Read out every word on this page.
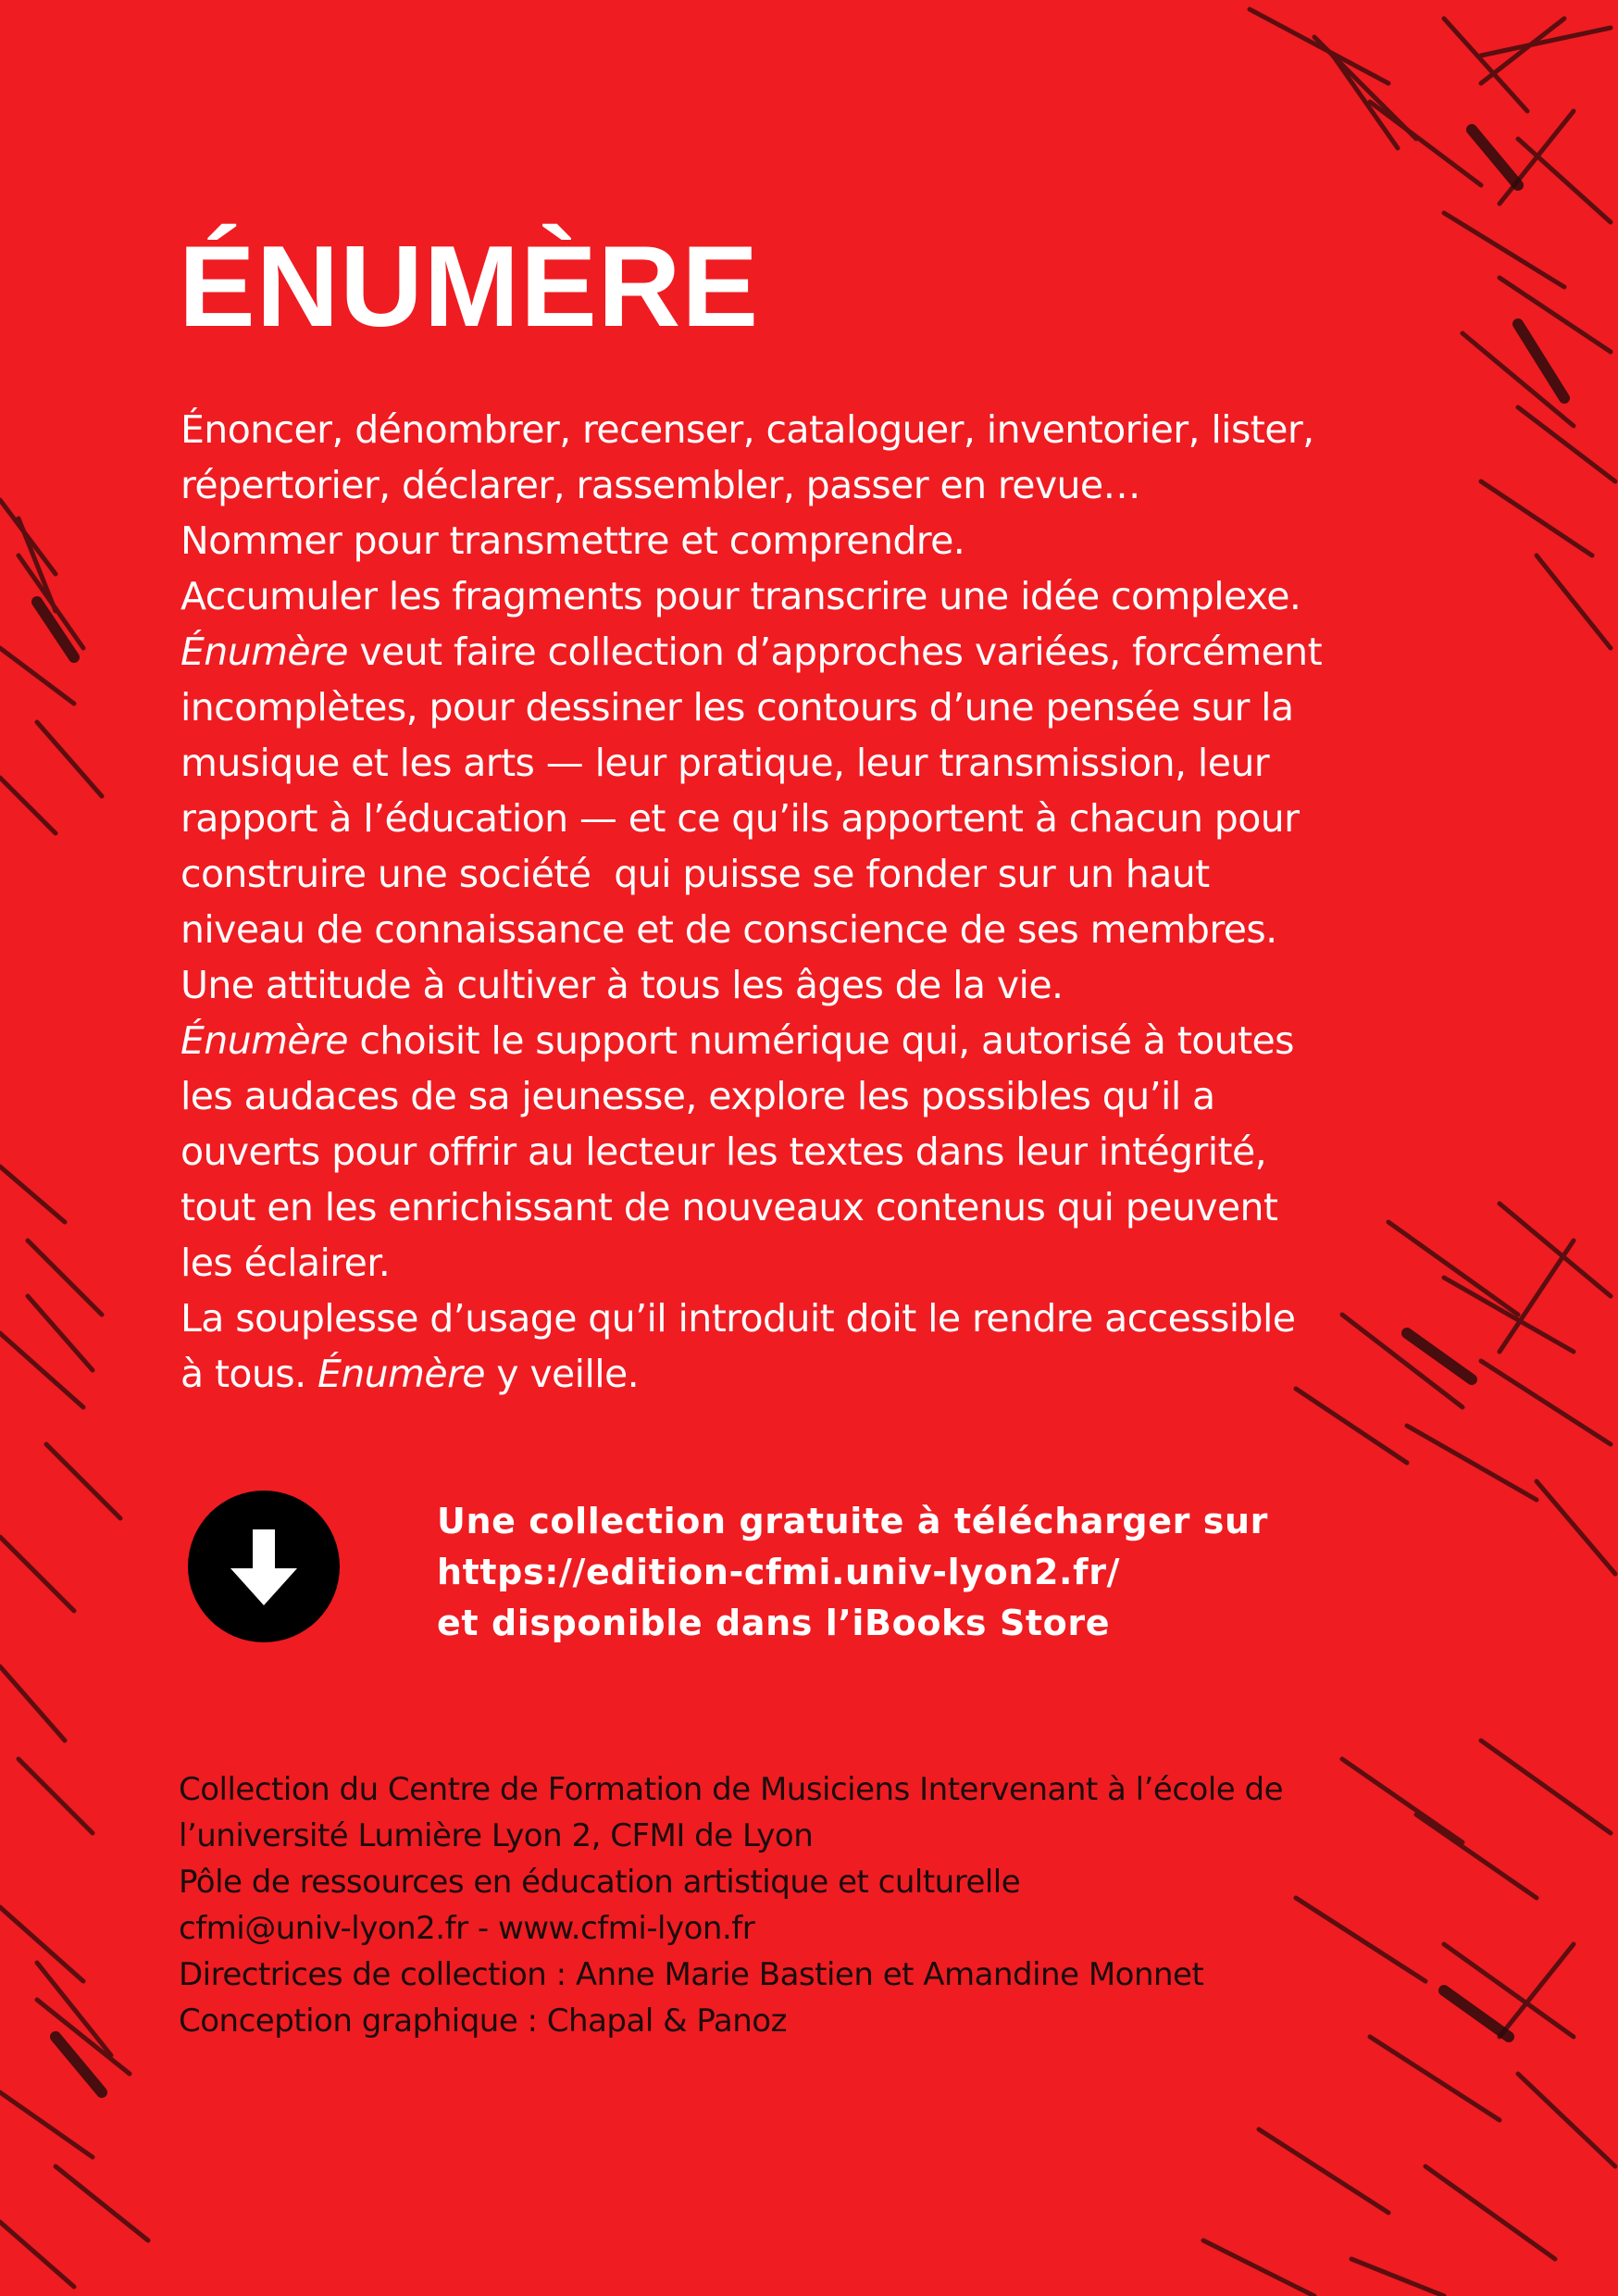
ÉNUMÈRE
Énoncer, dénombrer, recenser, cataloguer, inventorier, lister,
répertorier, déclarer, rassembler, passer en revue…
Nommer pour transmettre et comprendre.
Accumuler les fragments pour transcrire une idée complexe.
Énumère veut faire collection d’approches variées, forcément
incomplètes, pour dessiner les contours d’une pensée sur la
musique et les arts — leur pratique, leur transmission, leur
rapport à l’éducation — et ce qu’ils apportent à chacun pour
construire une société  qui puisse se fonder sur un haut
niveau de connaissance et de conscience de ses membres.
Une attitude à cultiver à tous les âges de la vie.
Énumère choisit le support numérique qui, autorisé à toutes
les audaces de sa jeunesse, explore les possibles qu’il a
ouverts pour offrir au lecteur les textes dans leur intégrité,
tout en les enrichissant de nouveaux contenus qui peuvent
les éclairer.
La souplesse d’usage qu’il introduit doit le rendre accessible
à tous. Énumère y veille.
Une collection gratuite à télécharger sur
https://edition-cfmi.univ-lyon2.fr/
et disponible dans l’iBooks Store
Collection du Centre de Formation de Musiciens Intervenant à l’école de
l’université Lumière Lyon 2, CFMI de Lyon
Pôle de ressources en éducation artistique et culturelle
cfmi@univ-lyon2.fr - www.cfmi-lyon.fr
Directrices de collection : Anne Marie Bastien et Amandine Monnet
Conception graphique : Chapal & Panoz
